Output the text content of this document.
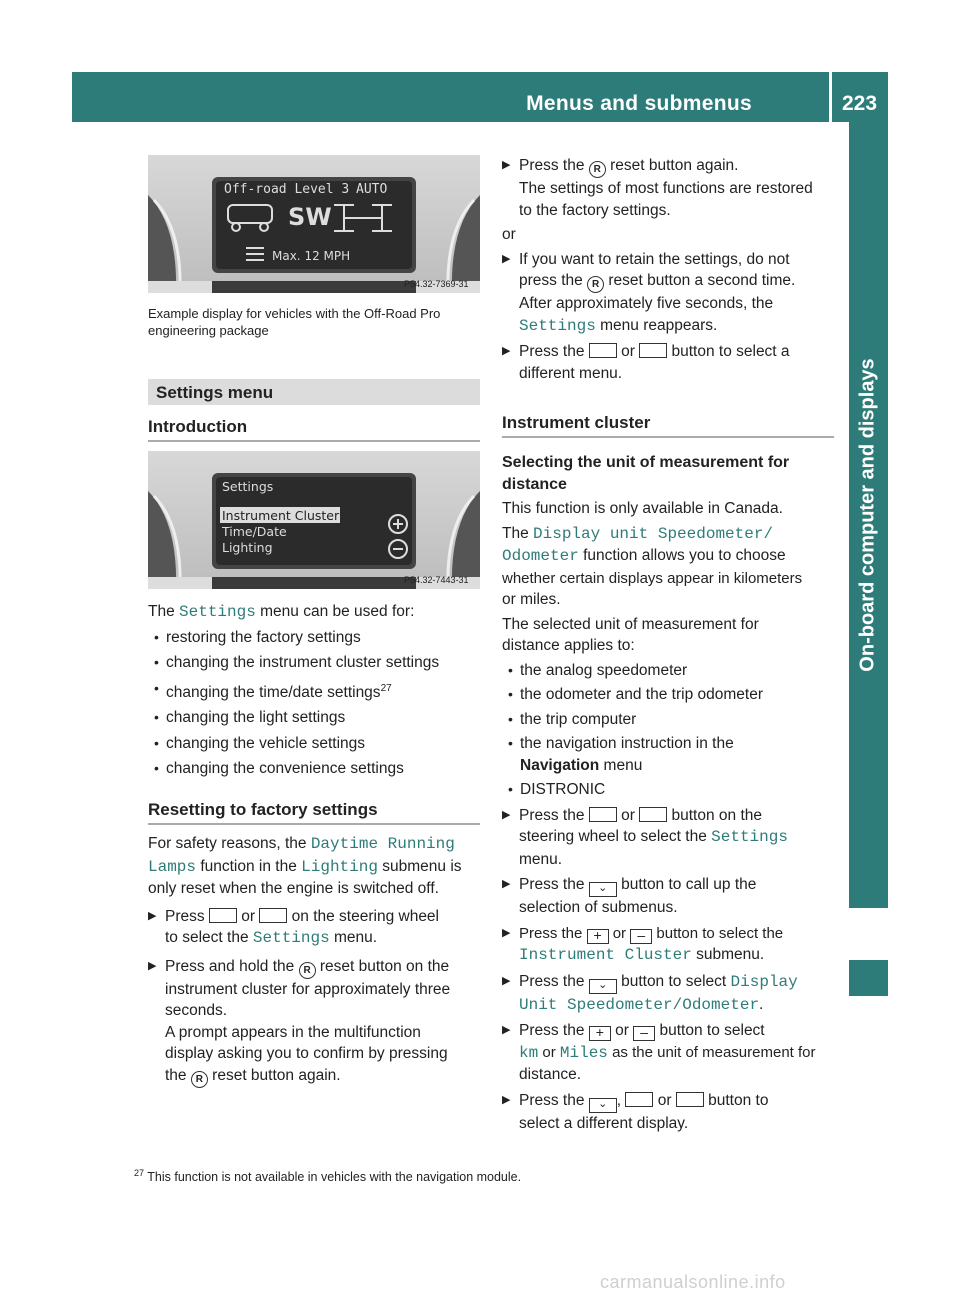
Menus and submenus	223
On-board computer and displays
Off-road Level 3 AUTO
SW
Max. 12 MPH
P54.32-7369-31
Example display for vehicles with the Off-Road Pro engineering package
Settings menu
Introduction
Settings
Instrument Cluster
Time/Date
Lighting
P54.32-7443-31
The Settings menu can be used for:
• restoring the factory settings
• changing the instrument cluster settings
• changing the time/date settings$^{27}$
• changing the light settings
• changing the vehicle settings
• changing the convenience settings
Resetting to factory settings
For safety reasons, the Daytime Running
Lamps function in the Lighting submenu is
only reset when the engine is switched off.
▶ Press  or  on the steering wheel
to select the Settings menu.
▶ Press and hold the R reset button on the
instrument cluster for approximately three
seconds.
A prompt appears in the multifunction
display asking you to confirm by pressing
the R reset button again.
▶ Press the R reset button again.
The settings of most functions are restored
to the factory settings.
or
▶ If you want to retain the settings, do not
press the R reset button a second time.
After approximately five seconds, the
Settings menu reappears.
▶ Press the  or  button to select a
different menu.
Instrument cluster
Selecting the unit of measurement for
distance
This function is only available in Canada.
The Display unit Speedometer/
Odometer function allows you to choose
whether certain displays appear in kilometers
or miles.
The selected unit of measurement for
distance applies to:
• the analog speedometer
• the odometer and the trip odometer
• the trip computer
• the navigation instruction in the
Navigation menu
• DISTRONIC
▶ Press the  or  button on the
steering wheel to select the Settings
menu.
▶ Press the ⌄ button to call up the
selection of submenus.
▶ Press the + or – button to select the
Instrument Cluster submenu.
▶ Press the ⌄ button to select Display
Unit Speedometer/Odometer.
▶ Press the + or – button to select
km or Miles as the unit of measurement for
distance.
▶ Press the ⌄ ,  or  button to
select a different display.
$^{27}$ This function is not available in vehicles with the navigation module.
carmanualsonline.info
